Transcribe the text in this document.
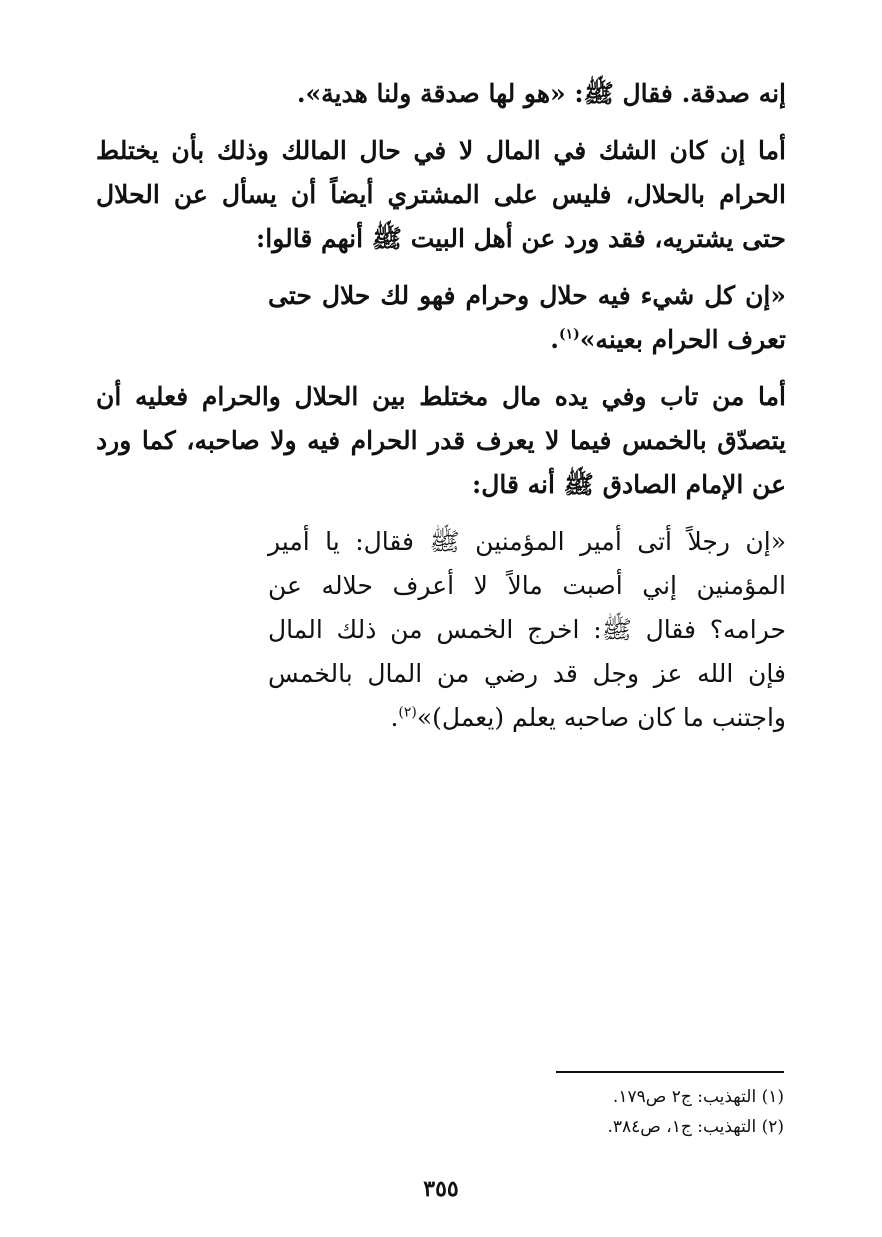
إنه صدقة. فقال ﷺ: «هو لها صدقة ولنا هدية».

أما إن كان الشك في المال لا في حال المالك وذلك بأن يختلط الحرام بالحلال، فليس على المشتري أيضاً أن يسأل عن الحلال حتى يشتريه، فقد ورد عن أهل البيت ﷺ أنهم قالوا:

«إن كل شيء فيه حلال وحرام فهو لك حلال حتى تعرف الحرام بعينه»$^{(١)}$.

أما من تاب وفي يده مال مختلط بين الحلال والحرام فعليه أن يتصدّق بالخمس فيما لا يعرف قدر الحرام فيه ولا صاحبه، كما ورد عن الإمام الصادق ﷺ أنه قال:

«إن رجلاً أتى أمير المؤمنين ﷺ فقال: يا أمير المؤمنين إني أصبت مالاً لا أعرف حلاله عن حرامه؟ فقال ﷺ: اخرج الخمس من ذلك المال فإن الله عز وجل قد رضي من المال بالخمس واجتنب ما كان صاحبه يعلم (يعمل)»$^{(٢)}$.

(١) التهذيب: ج٢ ص١٧٩.
(٢) التهذيب: ج١، ص٣٨٤.
٣٥٥
